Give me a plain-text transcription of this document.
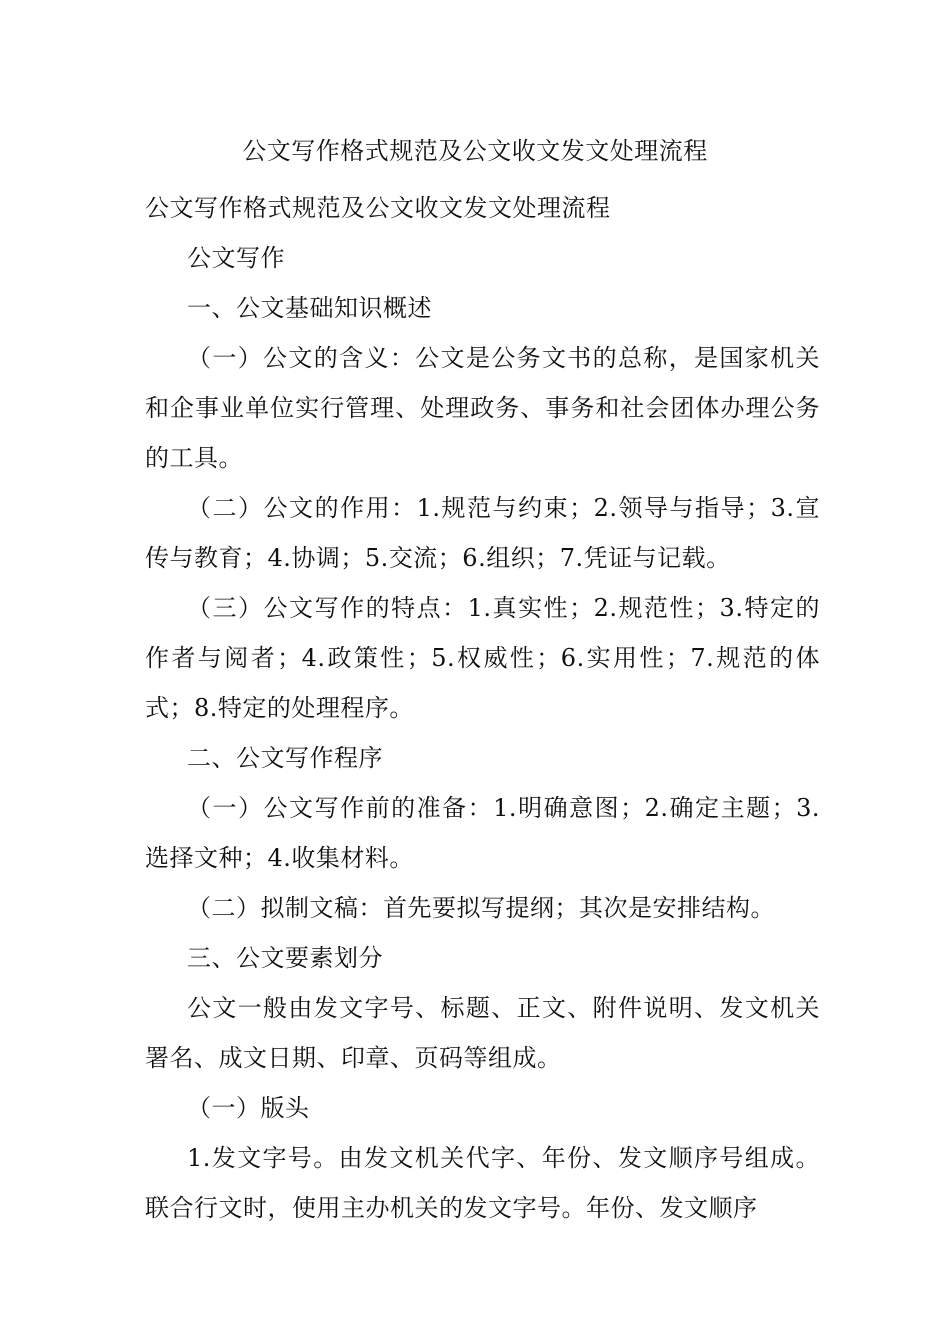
公文写作格式规范及公文收文发文处理流程

公文写作格式规范及公文收文发文处理流程

公文写作

一、公文基础知识概述

（一）公文的含义：公文是公务文书的总称，是国家机关和企事业单位实行管理、处理政务、事务和社会团体办理公务的工具。

（二）公文的作用：1.规范与约束；2.领导与指导；3.宣传与教育；4.协调；5.交流；6.组织；7.凭证与记载。

（三）公文写作的特点：1.真实性；2.规范性；3.特定的作者与阅者；4.政策性；5.权威性；6.实用性；7.规范的体式；8.特定的处理程序。

二、公文写作程序

（一）公文写作前的准备：1.明确意图；2.确定主题；3.选择文种；4.收集材料。

（二）拟制文稿：首先要拟写提纲；其次是安排结构。

三、公文要素划分

公文一般由发文字号、标题、正文、附件说明、发文机关署名、成文日期、印章、页码等组成。

（一）版头

1.发文字号。由发文机关代字、年份、发文顺序号组成。联合行文时，使用主办机关的发文字号。年份、发文顺序
